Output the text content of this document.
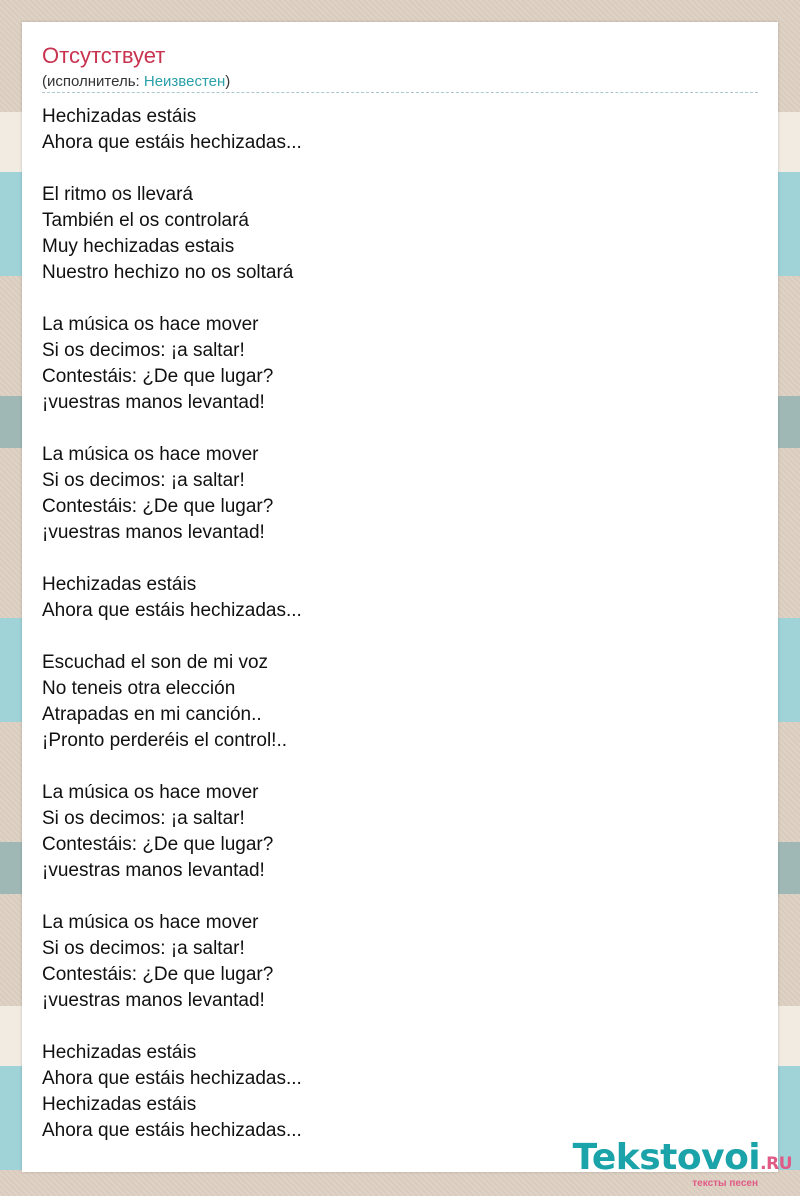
Отсутствует
(исполнитель: Неизвестен)
Hechizadas estáis
Ahora que estáis hechizadas...
El ritmo os llevará
También el os controlará
Muy hechizadas estais
Nuestro hechizo no os soltará
La música os hace mover
Si os decimos: ¡a saltar!
Contestáis: ¿De que lugar?
¡vuestras manos levantad!
La música os hace mover
Si os decimos: ¡a saltar!
Contestáis: ¿De que lugar?
¡vuestras manos levantad!
Hechizadas estáis
Ahora que estáis hechizadas...
Escuchad el son de mi voz
No teneis otra elección
Atrapadas en mi canción..
¡Pronto perderéis el control!..
La música os hace mover
Si os decimos: ¡a saltar!
Contestáis: ¿De que lugar?
¡vuestras manos levantad!
La música os hace mover
Si os decimos: ¡a saltar!
Contestáis: ¿De que lugar?
¡vuestras manos levantad!
Hechizadas estáis
Ahora que estáis hechizadas...
Hechizadas estáis
Ahora que estáis hechizadas...
Tekstovoi.RU
тексты песен
